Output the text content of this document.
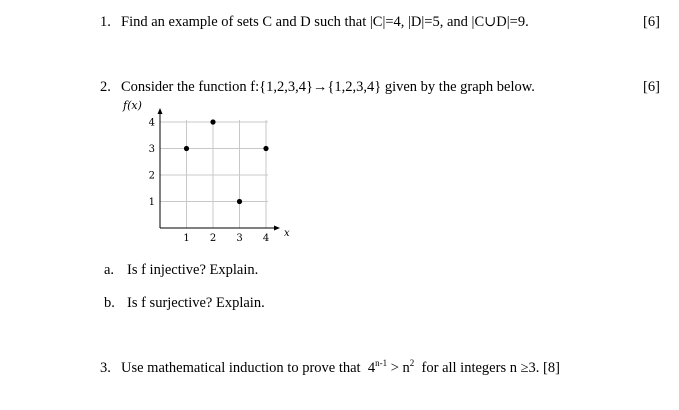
1. Find an example of sets C and D such that |C|=4, |D|=5, and |C∪D|=9.	[6]
2. Consider the function f:{1,2,3,4}→{1,2,3,4} given by the graph below.	[6]
f(x)
x
1
2
3
4
1 2 3 4
a. Is f injective? Explain.
b. Is f surjective? Explain.
3. Use mathematical induction to prove that $4^{n-1} > n^2$ for all integers n ≥3. [8]
